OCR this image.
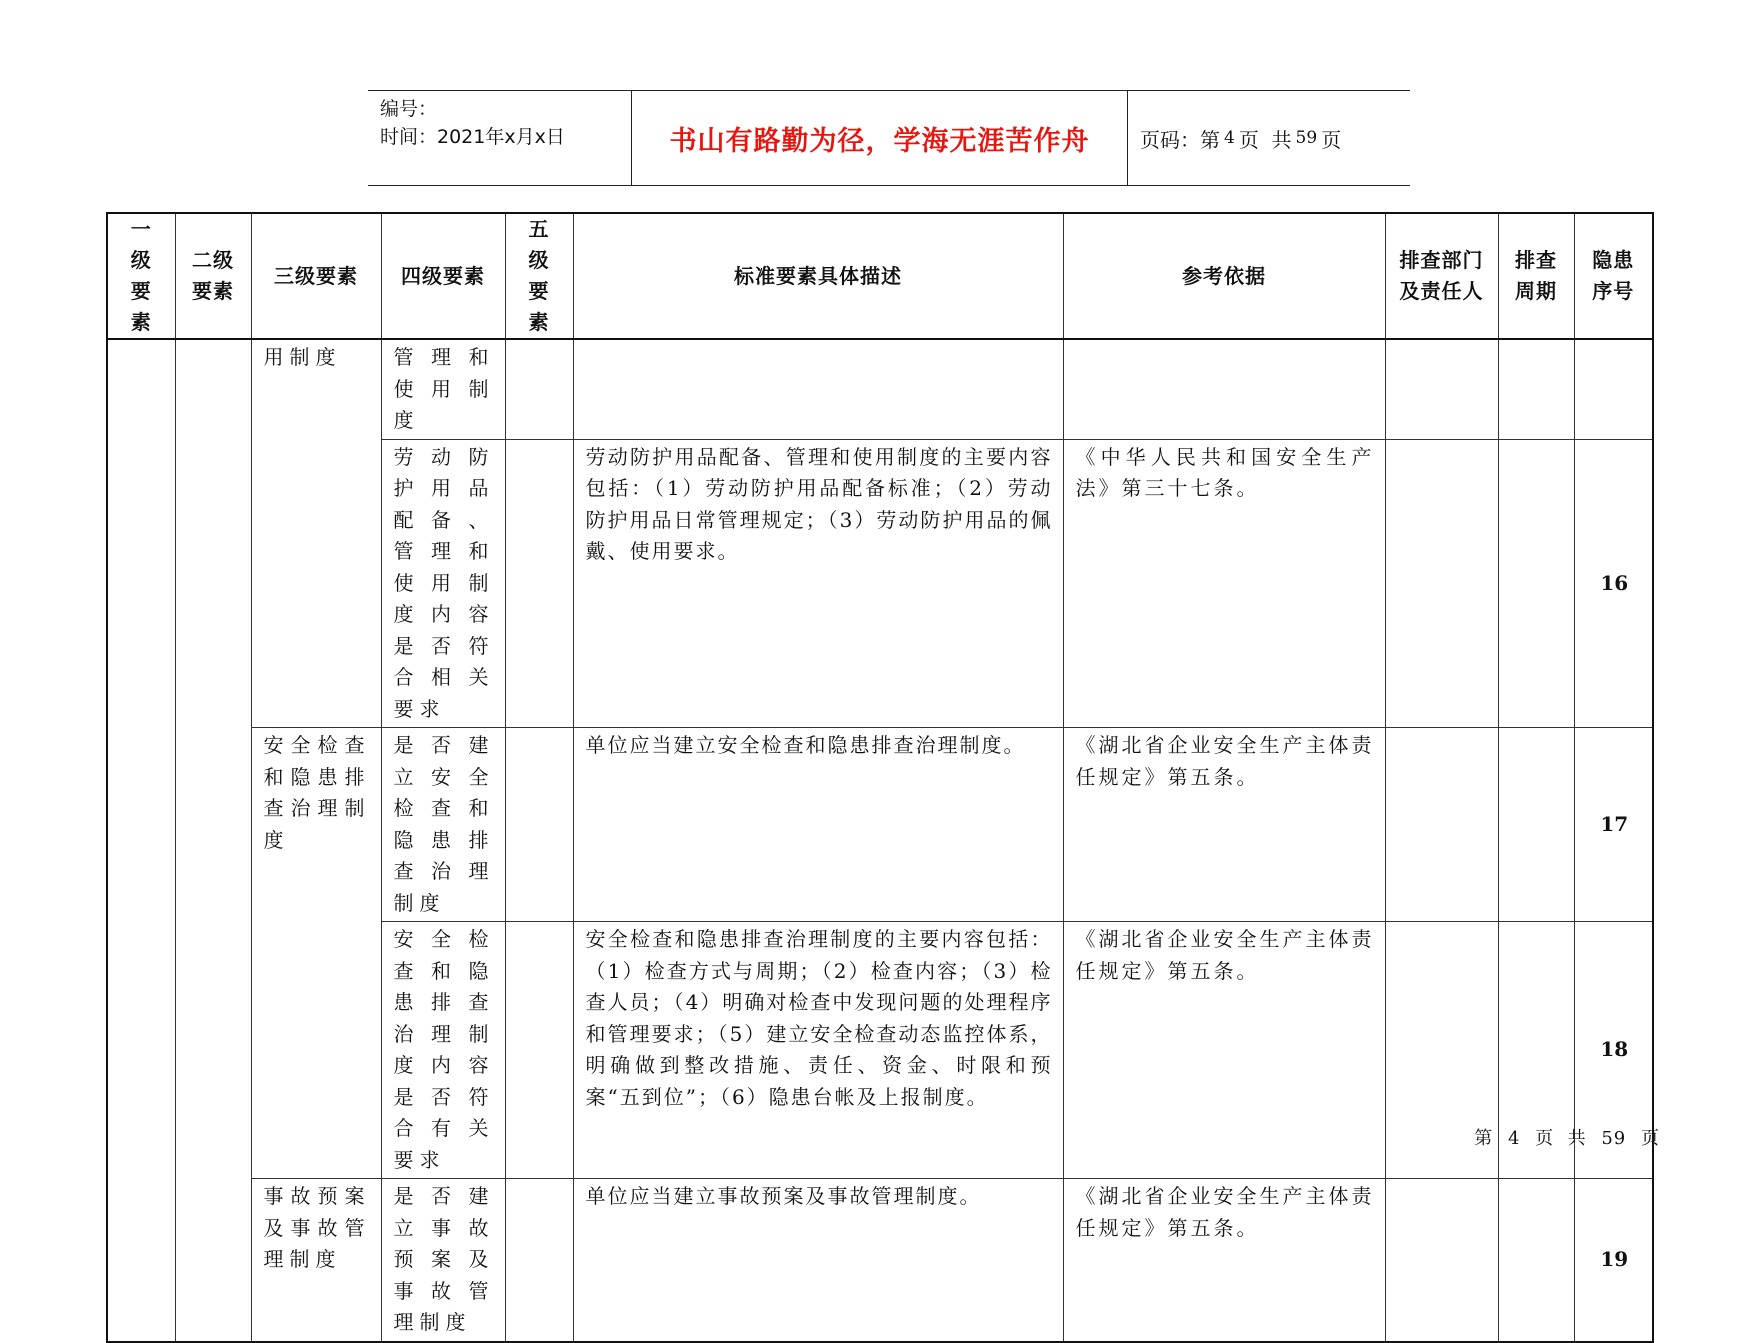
编号：
时间：2021年x月x日	书山有路勤为径，学海无涯苦作舟	页码：第 4 页  共 59 页
一级要素	二级要素	三级要素	四级要素	五级要素	标准要素具体描述	参考依据	排查部门及责任人	排查周期	隐患序号
		用制度	管理和使用制度						
			劳动防护用品配备、管理和使用制度内容是否符合相关要求		劳动防护用品配备、管理和使用制度的主要内容包括：（1）劳动防护用品配备标准；（2）劳动防护用品日常管理规定；（3）劳动防护用品的佩戴、使用要求。	《中华人民共和国安全生产法》第三十七条。			16
		安全检查和隐患排查治理制度	是否建立安全检查和隐患排查治理制度		单位应当建立安全检查和隐患排查治理制度。	《湖北省企业安全生产主体责任规定》第五条。			17
			安全检查和隐患排查治理制度内容是否符合有关要求		安全检查和隐患排查治理制度的主要内容包括：（1）检查方式与周期；（2）检查内容；（3）检查人员；（4）明确对检查中发现问题的处理程序和管理要求；（5）建立安全检查动态监控体系，明确做到整改措施、责任、资金、时限和预案“五到位”；（6）隐患台帐及上报制度。	《湖北省企业安全生产主体责任规定》第五条。			18
		事故预案及事故管理制度	是否建立事故预案及事故管理制度		单位应当建立事故预案及事故管理制度。	《湖北省企业安全生产主体责任规定》第五条。			19
第 4 页  共 59 页
